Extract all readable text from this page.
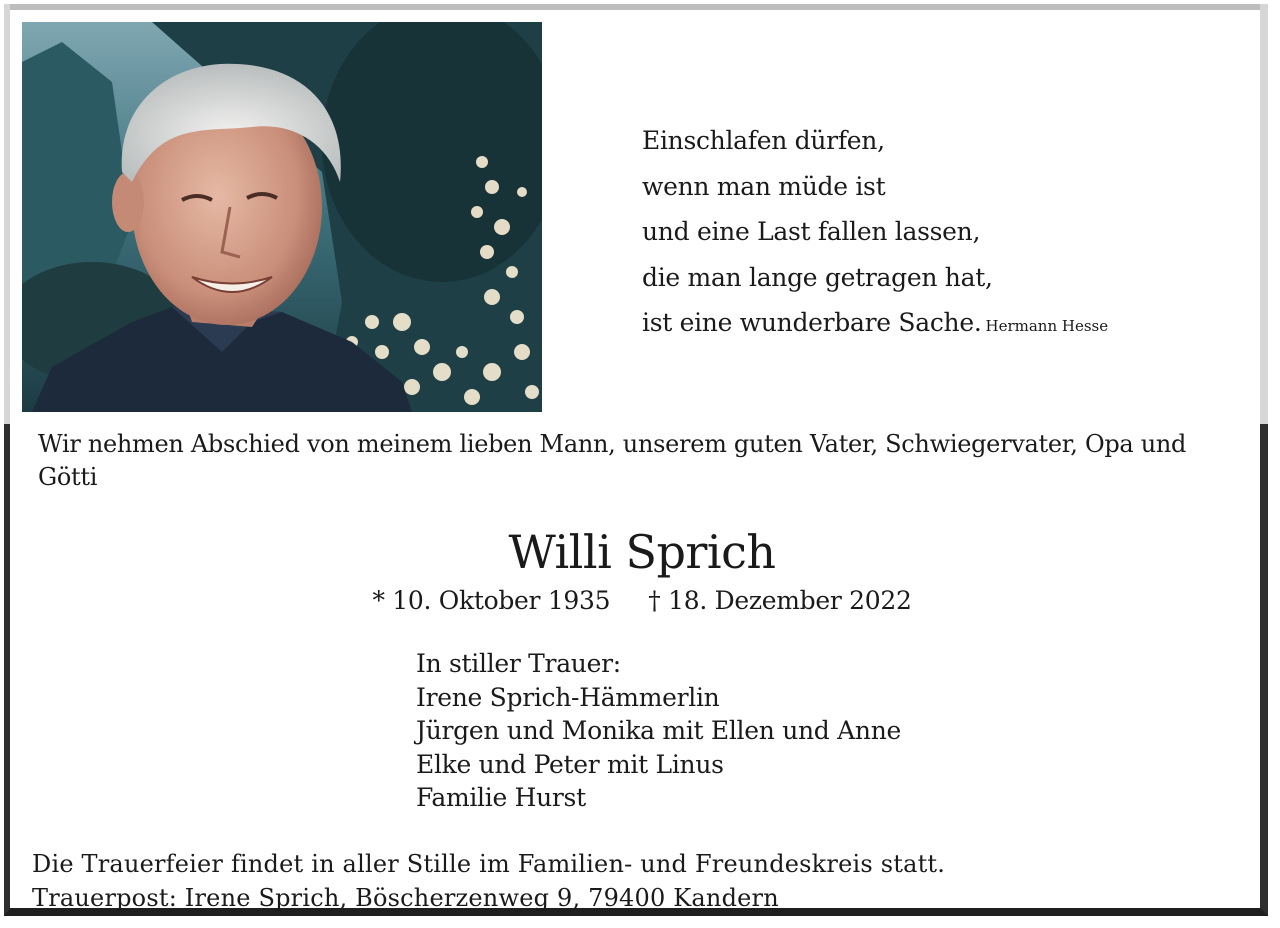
Einschlafen dürfen,
wenn man müde ist
und eine Last fallen lassen,
die man lange getragen hat,
ist eine wunderbare Sache. Hermann Hesse
Wir nehmen Abschied von meinem lieben Mann, unserem guten Vater, Schwiegervater, Opa und Götti
Willi Sprich
* 10. Oktober 1935 † 18. Dezember 2022
In stiller Trauer:
Irene Sprich-Hämmerlin
Jürgen und Monika mit Ellen und Anne
Elke und Peter mit Linus
Familie Hurst
Die Trauerfeier findet in aller Stille im Familien- und Freundeskreis statt.
Trauerpost: Irene Sprich, Böscherzenweg 9, 79400 Kandern
